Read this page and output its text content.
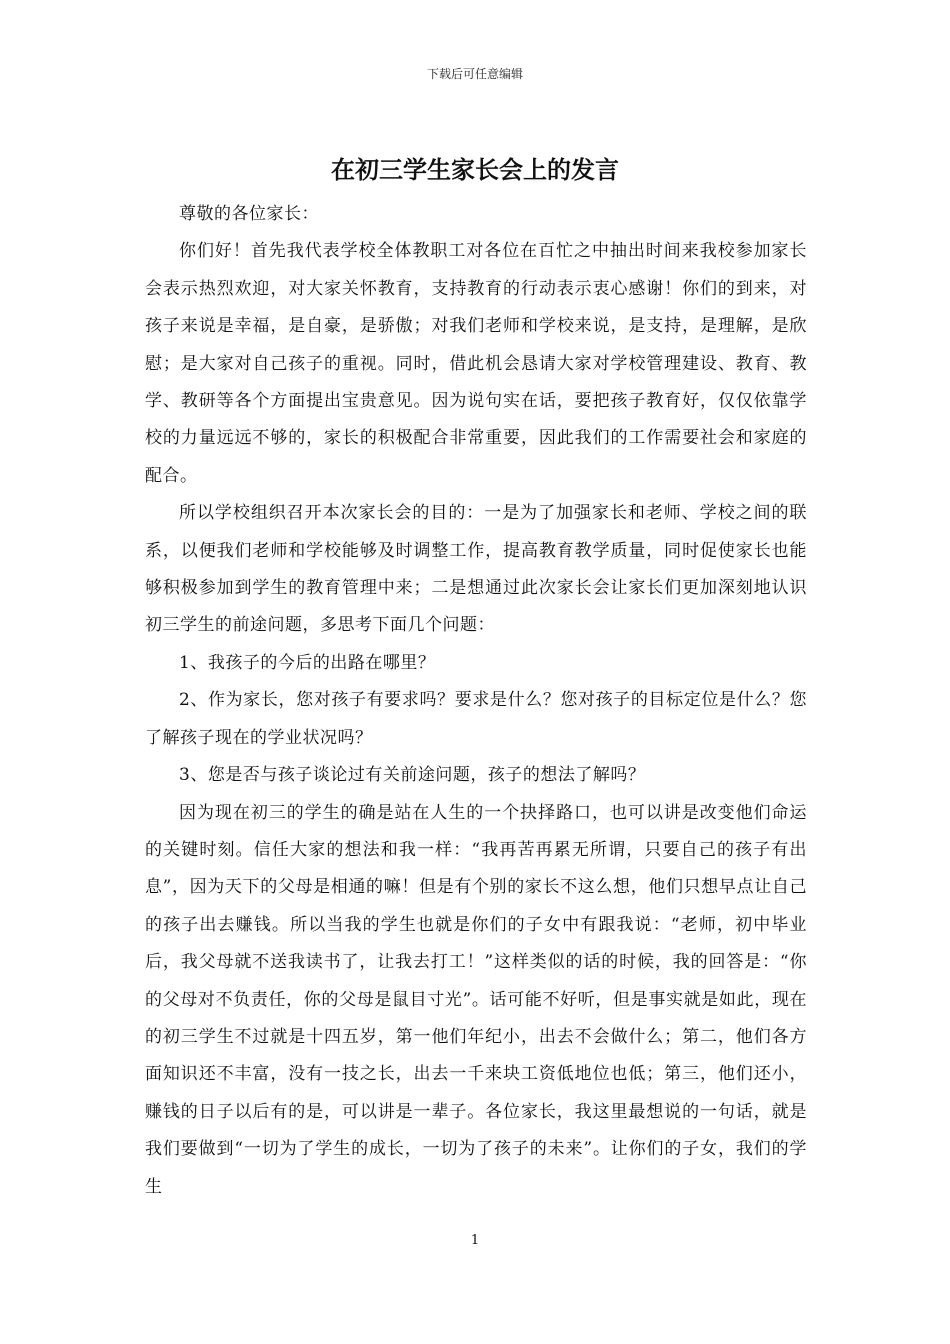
下载后可任意编辑
在初三学生家长会上的发言

尊敬的各位家长：

你们好！首先我代表学校全体教职工对各位在百忙之中抽出时间来我校参加家长会表示热烈欢迎，对大家关怀教育，支持教育的行动表示衷心感谢！你们的到来，对孩子来说是幸福，是自豪，是骄傲；对我们老师和学校来说，是支持，是理解，是欣慰；是大家对自己孩子的重视。同时，借此机会恳请大家对学校管理建设、教育、教学、教研等各个方面提出宝贵意见。因为说句实在话，要把孩子教育好，仅仅依靠学校的力量远远不够的，家长的积极配合非常重要，因此我们的工作需要社会和家庭的配合。

所以学校组织召开本次家长会的目的：一是为了加强家长和老师、学校之间的联系，以便我们老师和学校能够及时调整工作，提高教育教学质量，同时促使家长也能够积极参加到学生的教育管理中来；二是想通过此次家长会让家长们更加深刻地认识初三学生的前途问题，多思考下面几个问题：

1、我孩子的今后的出路在哪里？

2、作为家长，您对孩子有要求吗？要求是什么？您对孩子的目标定位是什么？您了解孩子现在的学业状况吗？

3、您是否与孩子谈论过有关前途问题，孩子的想法了解吗？

因为现在初三的学生的确是站在人生的一个抉择路口，也可以讲是改变他们命运的关键时刻。信任大家的想法和我一样：“我再苦再累无所谓，只要自己的孩子有出息”，因为天下的父母是相通的嘛！但是有个别的家长不这么想，他们只想早点让自己的孩子出去赚钱。所以当我的学生也就是你们的子女中有跟我说：“老师，初中毕业后，我父母就不送我读书了，让我去打工！”这样类似的话的时候，我的回答是：“你的父母对不负责任，你的父母是鼠目寸光”。话可能不好听，但是事实就是如此，现在的初三学生不过就是十四五岁，第一他们年纪小，出去不会做什么；第二，他们各方面知识还不丰富，没有一技之长，出去一千来块工资低地位也低；第三，他们还小，赚钱的日子以后有的是，可以讲是一辈子。各位家长，我这里最想说的一句话，就是我们要做到“一切为了学生的成长，一切为了孩子的未来”。让你们的子女，我们的学生

1
